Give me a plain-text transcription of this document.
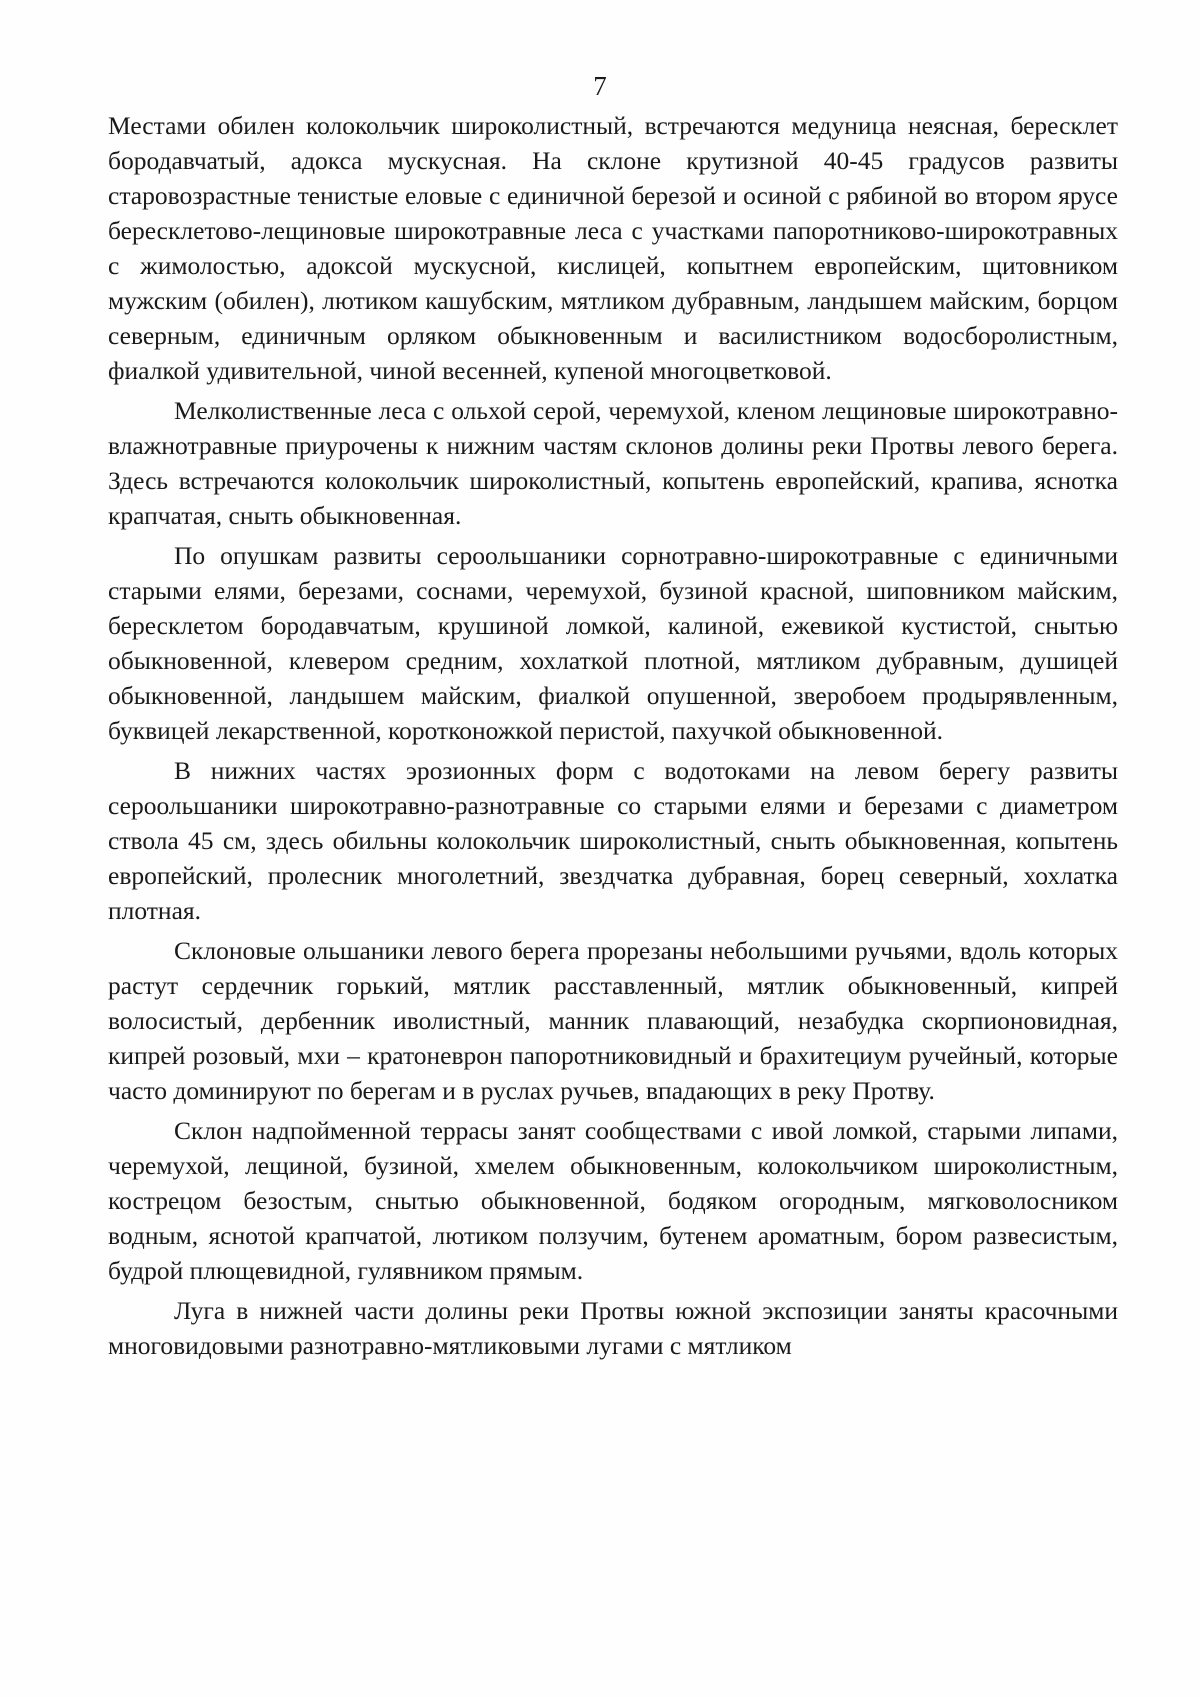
7

Местами обилен колокольчик широколистный, встречаются медуница неясная, бересклет бородавчатый, адокса мускусная. На склоне крутизной 40-45 градусов развиты старовозрастные тенистые еловые с единичной березой и осиной с рябиной во втором ярусе бересклетово-лещиновые широкотравные леса с участками папоротниково-широкотравных с жимолостью, адоксой мускусной, кислицей, копытнем европейским, щитовником мужским (обилен), лютиком кашубским, мятликом дубравным, ландышем майским, борцом северным, единичным орляком обыкновенным и василистником водосборолистным, фиалкой удивительной, чиной весенней, купеной многоцветковой.

Мелколиственные леса с ольхой серой, черемухой, кленом лещиновые широкотравно-влажнотравные приурочены к нижним частям склонов долины реки Протвы левого берега. Здесь встречаются колокольчик широколистный, копытень европейский, крапива, яснотка крапчатая, сныть обыкновенная.

По опушкам развиты сероольшаники сорнотравно-широкотравные с единичными старыми елями, березами, соснами, черемухой, бузиной красной, шиповником майским, бересклетом бородавчатым, крушиной ломкой, калиной, ежевикой кустистой, снытью обыкновенной, клевером средним, хохлаткой плотной, мятликом дубравным, душицей обыкновенной, ландышем майским, фиалкой опушенной, зверобоем продырявленным, буквицей лекарственной, коротконожкой перистой, пахучкой обыкновенной.

В нижних частях эрозионных форм с водотоками на левом берегу развиты сероольшаники широкотравно-разнотравные со старыми елями и березами с диаметром ствола 45 см, здесь обильны колокольчик широколистный, сныть обыкновенная, копытень европейский, пролесник многолетний, звездчатка дубравная, борец северный, хохлатка плотная.

Склоновые ольшаники левого берега прорезаны небольшими ручьями, вдоль которых растут сердечник горький, мятлик расставленный, мятлик обыкновенный, кипрей волосистый, дербенник иволистный, манник плавающий, незабудка скорпионовидная, кипрей розовый, мхи – кратоневрон папоротниковидный и брахитециум ручейный, которые часто доминируют по берегам и в руслах ручьев, впадающих в реку Протву.

Склон надпойменной террасы занят сообществами с ивой ломкой, старыми липами, черемухой, лещиной, бузиной, хмелем обыкновенным, колокольчиком широколистным, кострецом безостым, снытью обыкновенной, бодяком огородным, мягковолосником водным, яснотой крапчатой, лютиком ползучим, бутенем ароматным, бором развесистым, будрой плющевидной, гулявником прямым.

Луга в нижней части долины реки Протвы южной экспозиции заняты красочными многовидовыми разнотравно-мятликовыми лугами с мятликом
